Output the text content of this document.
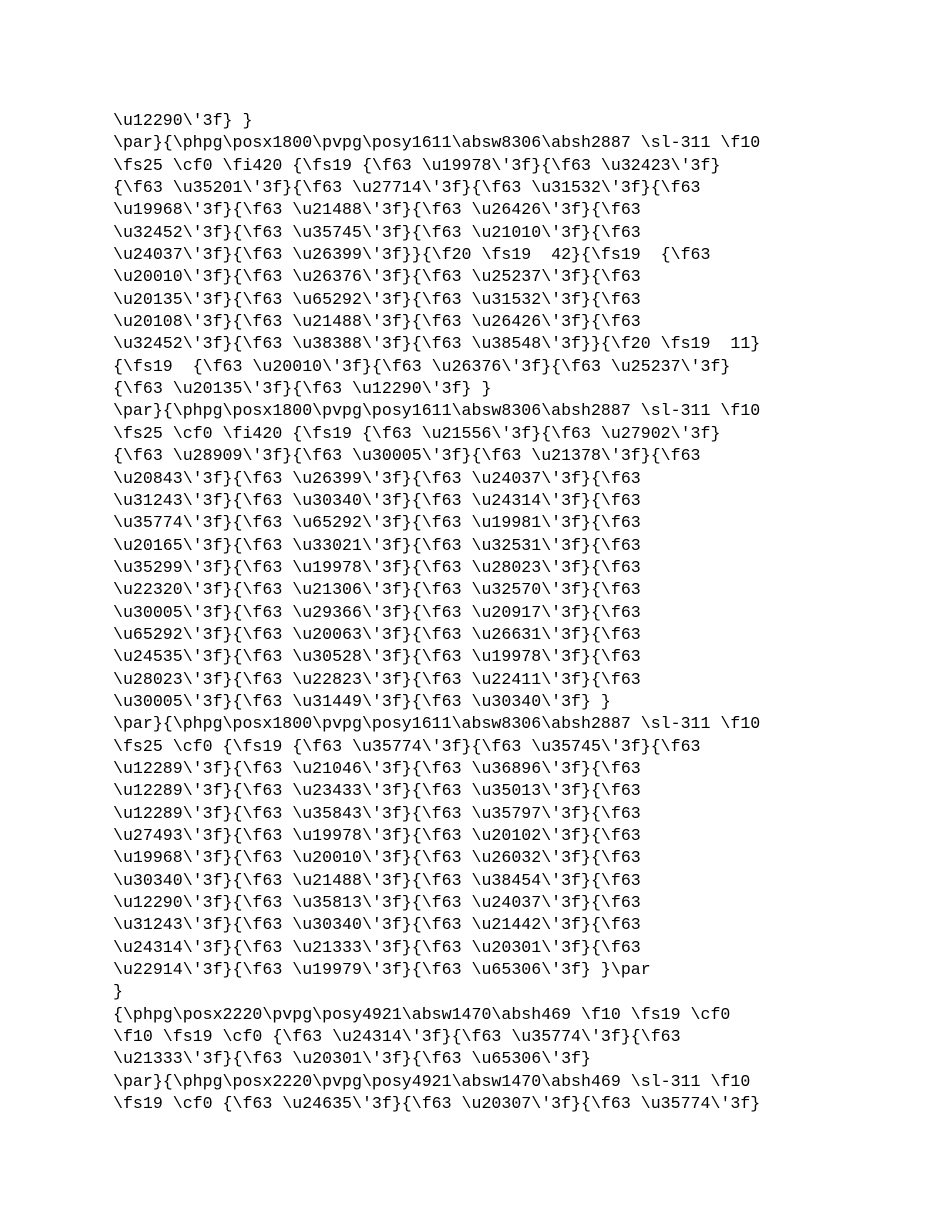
\u12290\'3f} }
\par}{\phpg\posx1800\pvpg\posy1611\absw8306\absh2887 \sl-311 \f10
\fs25 \cf0 \fi420 {\fs19 {\f63 \u19978\'3f}{\f63 \u32423\'3f}
{\f63 \u35201\'3f}{\f63 \u27714\'3f}{\f63 \u31532\'3f}{\f63
\u19968\'3f}{\f63 \u21488\'3f}{\f63 \u26426\'3f}{\f63
\u32452\'3f}{\f63 \u35745\'3f}{\f63 \u21010\'3f}{\f63
\u24037\'3f}{\f63 \u26399\'3f}}{\f20 \fs19  42}{\fs19  {\f63
\u20010\'3f}{\f63 \u26376\'3f}{\f63 \u25237\'3f}{\f63
\u20135\'3f}{\f63 \u65292\'3f}{\f63 \u31532\'3f}{\f63
\u20108\'3f}{\f63 \u21488\'3f}{\f63 \u26426\'3f}{\f63
\u32452\'3f}{\f63 \u38388\'3f}{\f63 \u38548\'3f}}{\f20 \fs19  11}
{\fs19  {\f63 \u20010\'3f}{\f63 \u26376\'3f}{\f63 \u25237\'3f}
{\f63 \u20135\'3f}{\f63 \u12290\'3f} }
\par}{\phpg\posx1800\pvpg\posy1611\absw8306\absh2887 \sl-311 \f10
\fs25 \cf0 \fi420 {\fs19 {\f63 \u21556\'3f}{\f63 \u27902\'3f}
{\f63 \u28909\'3f}{\f63 \u30005\'3f}{\f63 \u21378\'3f}{\f63
\u20843\'3f}{\f63 \u26399\'3f}{\f63 \u24037\'3f}{\f63
\u31243\'3f}{\f63 \u30340\'3f}{\f63 \u24314\'3f}{\f63
\u35774\'3f}{\f63 \u65292\'3f}{\f63 \u19981\'3f}{\f63
\u20165\'3f}{\f63 \u33021\'3f}{\f63 \u32531\'3f}{\f63
\u35299\'3f}{\f63 \u19978\'3f}{\f63 \u28023\'3f}{\f63
\u22320\'3f}{\f63 \u21306\'3f}{\f63 \u32570\'3f}{\f63
\u30005\'3f}{\f63 \u29366\'3f}{\f63 \u20917\'3f}{\f63
\u65292\'3f}{\f63 \u20063\'3f}{\f63 \u26631\'3f}{\f63
\u24535\'3f}{\f63 \u30528\'3f}{\f63 \u19978\'3f}{\f63
\u28023\'3f}{\f63 \u22823\'3f}{\f63 \u22411\'3f}{\f63
\u30005\'3f}{\f63 \u31449\'3f}{\f63 \u30340\'3f} }
\par}{\phpg\posx1800\pvpg\posy1611\absw8306\absh2887 \sl-311 \f10
\fs25 \cf0 {\fs19 {\f63 \u35774\'3f}{\f63 \u35745\'3f}{\f63
\u12289\'3f}{\f63 \u21046\'3f}{\f63 \u36896\'3f}{\f63
\u12289\'3f}{\f63 \u23433\'3f}{\f63 \u35013\'3f}{\f63
\u12289\'3f}{\f63 \u35843\'3f}{\f63 \u35797\'3f}{\f63
\u27493\'3f}{\f63 \u19978\'3f}{\f63 \u20102\'3f}{\f63
\u19968\'3f}{\f63 \u20010\'3f}{\f63 \u26032\'3f}{\f63
\u30340\'3f}{\f63 \u21488\'3f}{\f63 \u38454\'3f}{\f63
\u12290\'3f}{\f63 \u35813\'3f}{\f63 \u24037\'3f}{\f63
\u31243\'3f}{\f63 \u30340\'3f}{\f63 \u21442\'3f}{\f63
\u24314\'3f}{\f63 \u21333\'3f}{\f63 \u20301\'3f}{\f63
\u22914\'3f}{\f63 \u19979\'3f}{\f63 \u65306\'3f} }\par
}
{\phpg\posx2220\pvpg\posy4921\absw1470\absh469 \f10 \fs19 \cf0
\f10 \fs19 \cf0 {\f63 \u24314\'3f}{\f63 \u35774\'3f}{\f63
\u21333\'3f}{\f63 \u20301\'3f}{\f63 \u65306\'3f}
\par}{\phpg\posx2220\pvpg\posy4921\absw1470\absh469 \sl-311 \f10
\fs19 \cf0 {\f63 \u24635\'3f}{\f63 \u20307\'3f}{\f63 \u35774\'3f}
